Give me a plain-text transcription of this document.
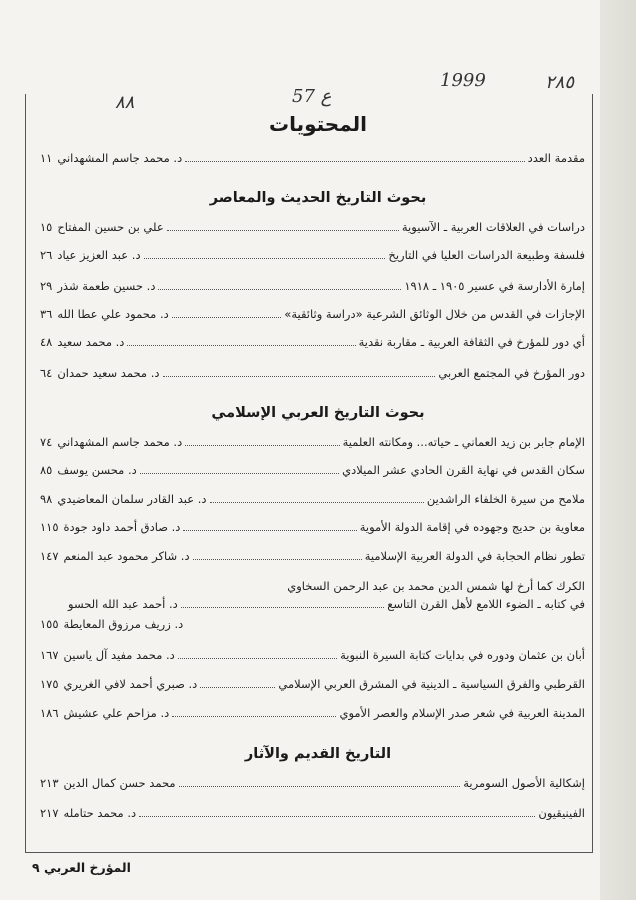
٨٨	ع 57
1999	٢٨٥
المحتويات
مقدمة العدد
د. محمد جاسم المشهداني
١١
بحوث التاريخ الحديث والمعاصر
دراسات في العلاقات العربية ـ الآسيوية
علي بن حسين المفتاح
١٥
فلسفة وطبيعة الدراسات العليا في التاريخ
د. عبد العزيز عياد
٢٦
إمارة الأدارسة في عسير ١٩٠٥ ـ ١٩١٨
د. حسين طعمة شذر
٢٩
الإجازات في القدس من خلال الوثائق الشرعية «دراسة وثائقية»
د. محمود علي عطا الله
٣٦
أي دور للمؤرخ في الثقافة العربية ـ مقاربة نقدية
د. محمد سعيد
٤٨
دور المؤرخ في المجتمع العربي
د. محمد سعيد حمدان
٦٤
بحوث التاريخ العربي الإسلامي
الإمام جابر بن زيد العماني ـ حياته... ومكانته العلمية
د. محمد جاسم المشهداني
٧٤
سكان القدس في نهاية القرن الحادي عشر الميلادي
د. محسن يوسف
٨٥
ملامح من سيرة الخلفاء الراشدين
د. عبد القادر سلمان المعاضيدي
٩٨
معاوية بن حديج وجهوده في إقامة الدولة الأموية
د. صادق أحمد داود جودة
١١٥
تطور نظام الحجابة في الدولة العربية الإسلامية
د. شاكر محمود عبد المنعم
١٤٧
الكرك كما أرخ لها شمس الدين محمد بن عبد الرحمن السخاوي
في كتابه ـ الضوء اللامع لأهل القرن التاسع
د. أحمد عبد الله الحسو
د. زريف مرزوق المعايطة
١٥٥
أبان بن عثمان ودوره في بدايات كتابة السيرة النبوية
د. محمد مفيد آل ياسين
١٦٧
القرطبي والفرق السياسية ـ الدينية في المشرق العربي الإسلامي
د. صبري أحمد لافي الغريري
١٧٥
المدينة العربية في شعر صدر الإسلام والعصر الأموي
د. مزاحم علي عشيش
١٨٦
التاريخ القديم والآثار
إشكالية الأصول السومرية
محمد حسن كمال الدين
٢١٣
الفينيقيون
د. محمد حتامله
٢١٧
المؤرخ العربي ٩
